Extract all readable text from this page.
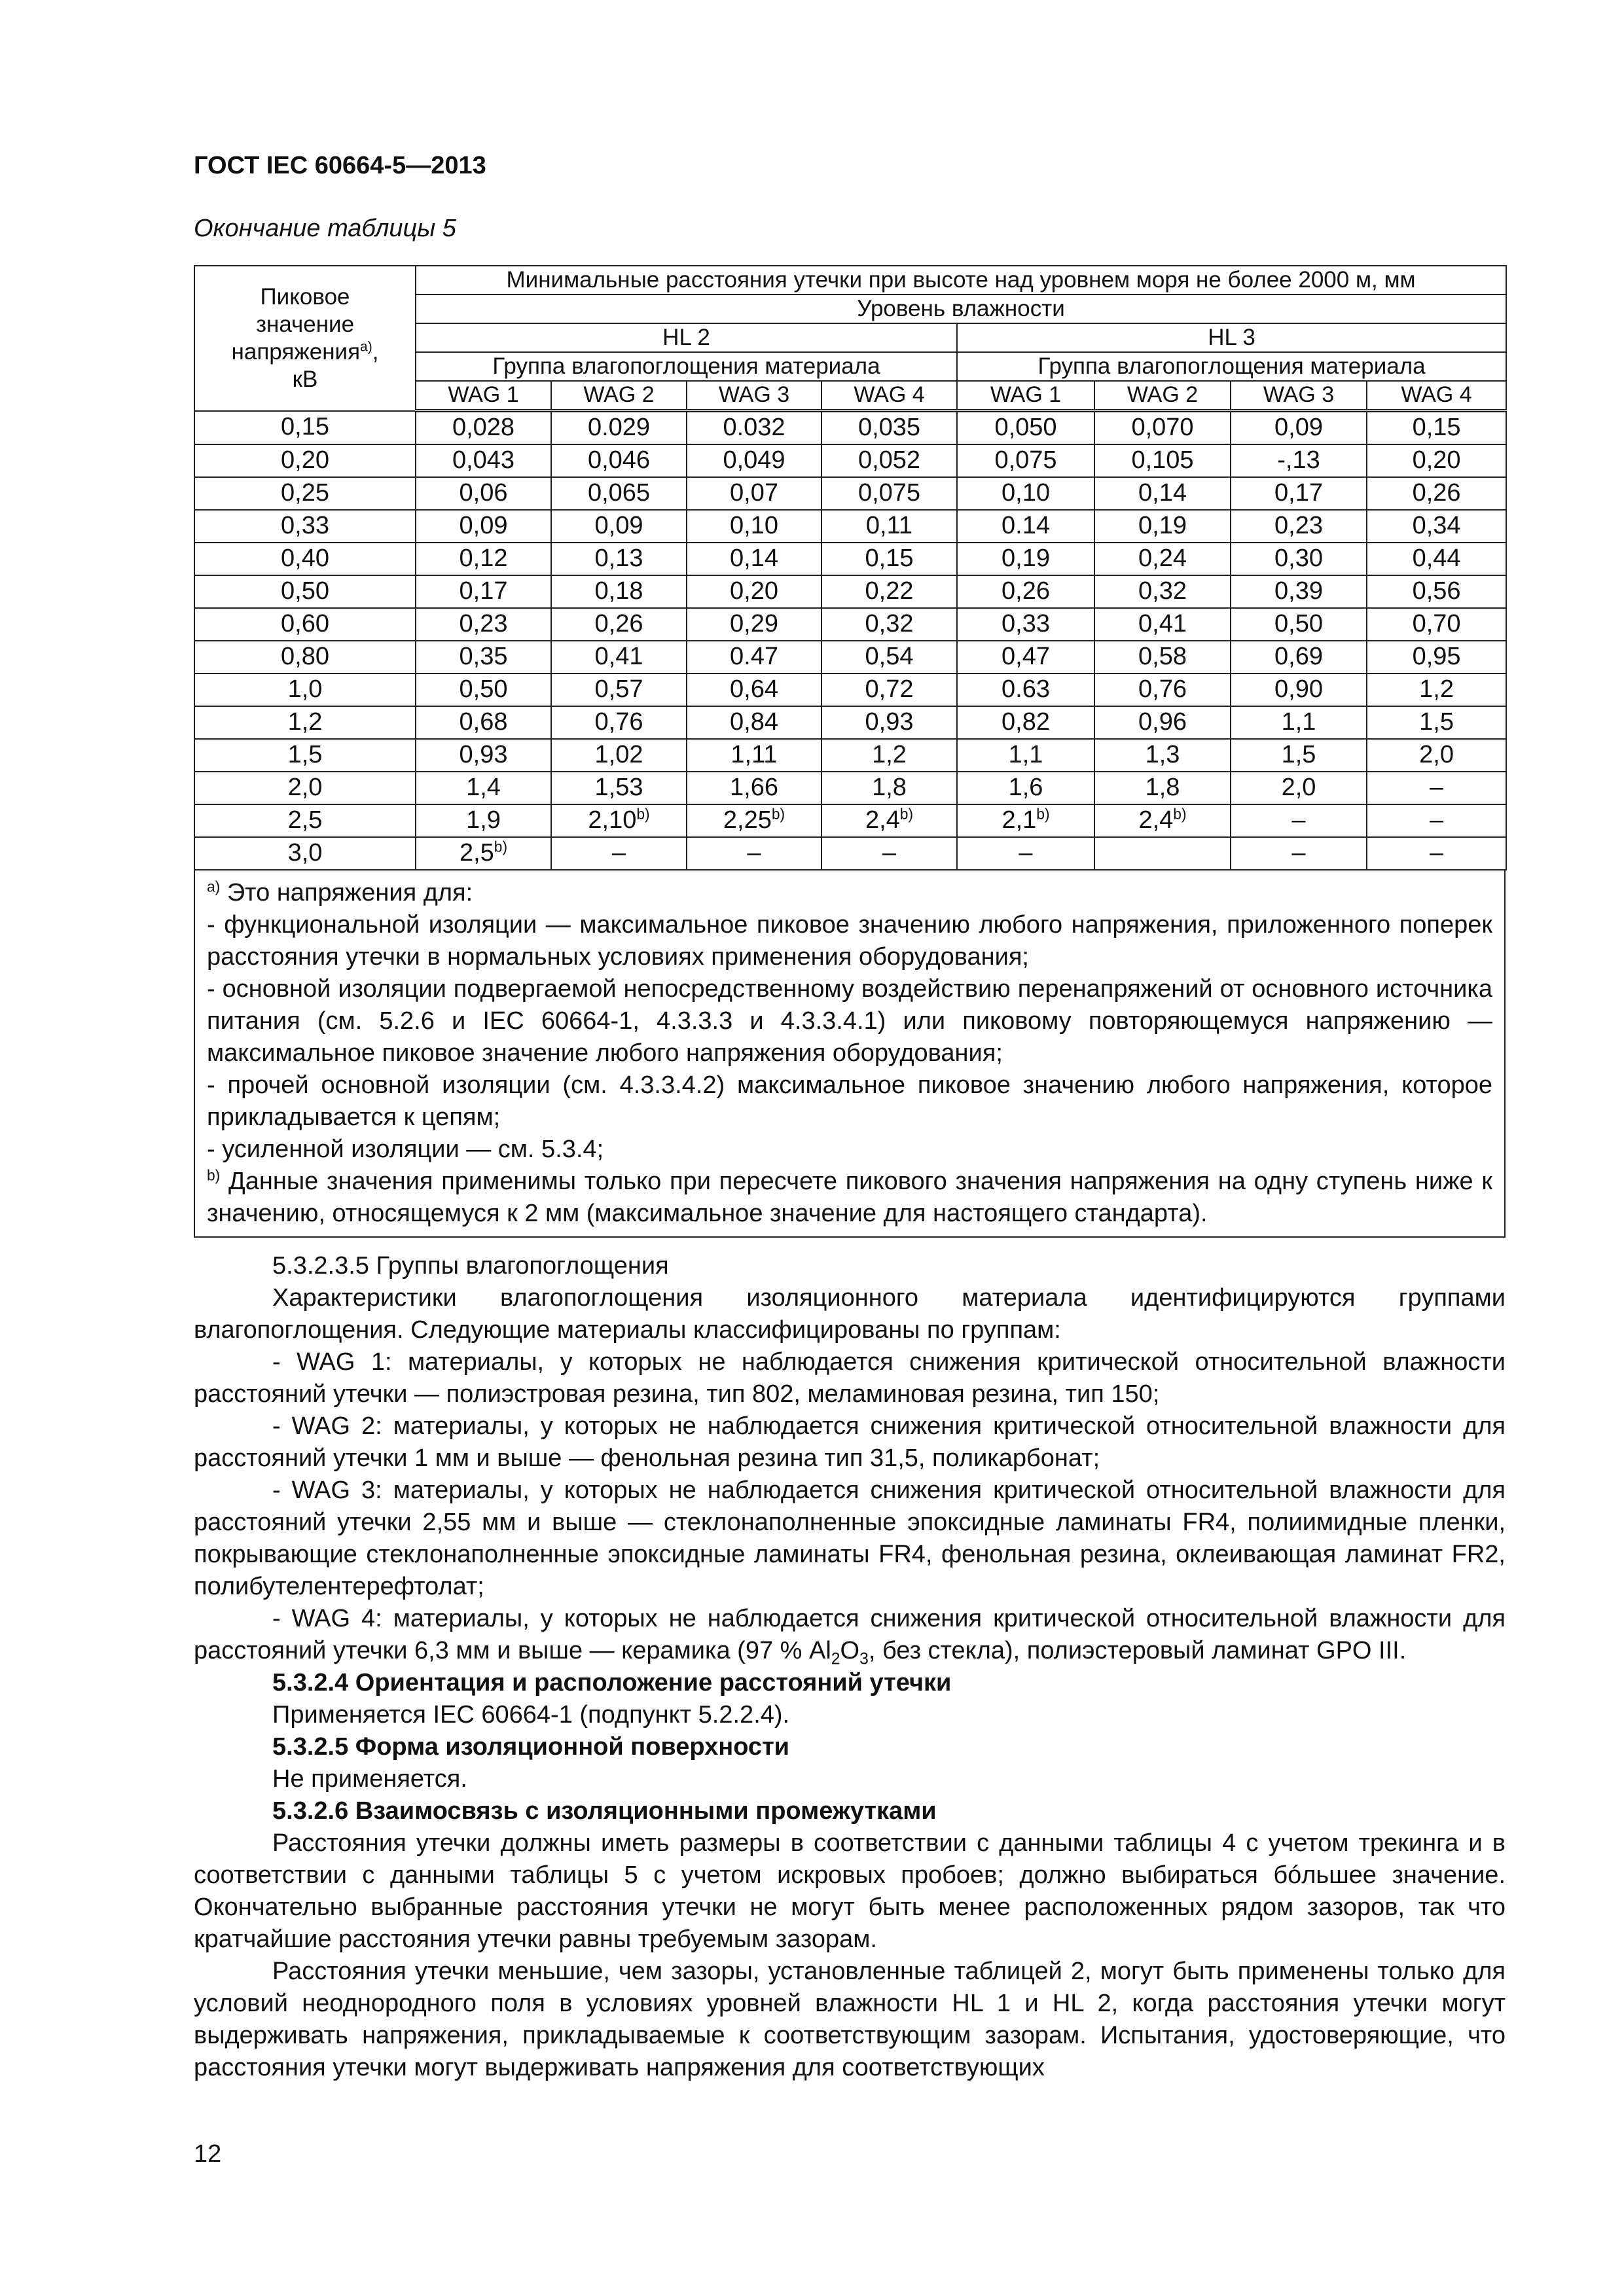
ГОСТ IEC 60664-5—2013
Окончание таблицы 5
Пиковое
значение
напряжения$^{a)}$,
кВ	Минимальные расстояния утечки при высоте над уровнем моря не более 2000 м, мм							
	Уровень влажности							
	HL 2				HL 3			
	Группа влагопоглощения материала				Группа влагопоглощения материала			
	WAG 1	WAG 2	WAG 3	WAG 4	WAG 1	WAG 2	WAG 3	WAG 4
0,15	0,028	0.029	0.032	0,035	0,050	0,070	0,09	0,15
0,20	0,043	0,046	0,049	0,052	0,075	0,105	-,13	0,20
0,25	0,06	0,065	0,07	0,075	0,10	0,14	0,17	0,26
0,33	0,09	0,09	0,10	0,11	0.14	0,19	0,23	0,34
0,40	0,12	0,13	0,14	0,15	0,19	0,24	0,30	0,44
0,50	0,17	0,18	0,20	0,22	0,26	0,32	0,39	0,56
0,60	0,23	0,26	0,29	0,32	0,33	0,41	0,50	0,70
0,80	0,35	0,41	0.47	0,54	0,47	0,58	0,69	0,95
1,0	0,50	0,57	0,64	0,72	0.63	0,76	0,90	1,2
1,2	0,68	0,76	0,84	0,93	0,82	0,96	1,1	1,5
1,5	0,93	1,02	1,11	1,2	1,1	1,3	1,5	2,0
2,0	1,4	1,53	1,66	1,8	1,6	1,8	2,0	–
2,5	1,9	2,10$^{b)}$	2,25$^{b)}$	2,4$^{b)}$	2,1$^{b)}$	2,4$^{b)}$	–	–
3,0	2,5$^{b)}$	–	–	–	–		–	–

$^{a)}$ Это напряжения для:

- функциональной изоляции — максимальное пиковое значению любого напряжения, приложенного поперек расстояния утечки в нормальных условиях применения оборудования;

- основной изоляции подвергаемой непосредственному воздействию перенапряжений от основного источника питания (см. 5.2.6 и IEC 60664-1, 4.3.3.3 и 4.3.3.4.1) или пиковому повторяющемуся напряжению — максимальное пиковое значение любого напряжения оборудования;

- прочей основной изоляции (см. 4.3.3.4.2) максимальное пиковое значению любого напряжения, которое прикладывается к цепям;

- усиленной изоляции — см. 5.3.4;

$^{b)}$ Данные значения применимы только при пересчете пикового значения напряжения на одну ступень ниже к значению, относящемуся к 2 мм (максимальное значение для настоящего стандарта).

5.3.2.3.5 Группы влагопоглощения

Характеристики влагопоглощения изоляционного материала идентифицируются группами влагопоглощения. Следующие материалы классифицированы по группам:

- WAG 1: материалы, у которых не наблюдается снижения критической относительной влажности расстояний утечки — полиэстровая резина, тип 802, меламиновая резина, тип 150;

- WAG 2: материалы, у которых не наблюдается снижения критической относительной влажности для расстояний утечки 1 мм и выше — фенольная резина тип 31,5, поликарбонат;

- WAG 3: материалы, у которых не наблюдается снижения критической относительной влажности для расстояний утечки 2,55 мм и выше — стеклонаполненные эпоксидные ламинаты FR4, полиимидные пленки, покрывающие стеклонаполненные эпоксидные ламинаты FR4, фенольная резина, оклеивающая ламинат FR2, полибутелентерефтолат;

- WAG 4: материалы, у которых не наблюдается снижения критической относительной влажности для расстояний утечки 6,3 мм и выше — керамика (97 % $Al_2O_3$, без стекла), полиэстеровый ламинат GPO III.

5.3.2.4 Ориентация и расположение расстояний утечки

Применяется IEC 60664-1 (подпункт 5.2.2.4).

5.3.2.5 Форма изоляционной поверхности

Не применяется.

5.3.2.6 Взаимосвязь с изоляционными промежутками

Расстояния утечки должны иметь размеры в соответствии с данными таблицы 4 с учетом трекинга и в соответствии с данными таблицы 5 с учетом искровых пробоев; должно выбираться бóльшее значение. Окончательно выбранные расстояния утечки не могут быть менее расположенных рядом зазоров, так что кратчайшие расстояния утечки равны требуемым зазорам.

Расстояния утечки меньшие, чем зазоры, установленные таблицей 2, могут быть применены только для условий неоднородного поля в условиях уровней влажности HL 1 и HL 2, когда расстояния утечки могут выдерживать напряжения, прикладываемые к соответствующим зазорам. Испытания, удостоверяющие, что расстояния утечки могут выдерживать напряжения для соответствующих

12
